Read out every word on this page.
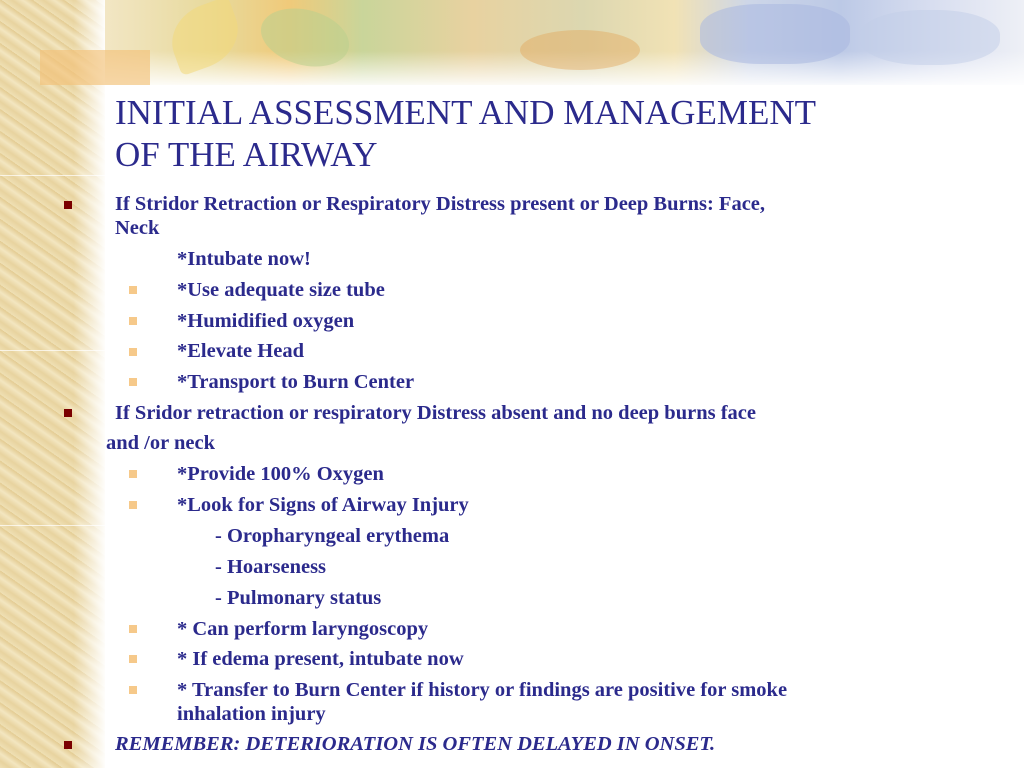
INITIAL ASSESSMENT AND MANAGEMENT
OF THE AIRWAY
If Stridor Retraction or Respiratory Distress present or Deep Burns: Face,
Neck
*Intubate now!
*Use adequate size tube
*Humidified oxygen
*Elevate Head
*Transport to Burn Center
If Sridor retraction or respiratory Distress absent and no deep burns face
and /or neck
*Provide 100% Oxygen
*Look for Signs of Airway Injury
- Oropharyngeal erythema
- Hoarseness
- Pulmonary status
* Can perform laryngoscopy
* If edema present, intubate now
* Transfer to Burn Center if history or findings are positive for smoke
inhalation injury
REMEMBER: DETERIORATION IS OFTEN DELAYED IN ONSET.
